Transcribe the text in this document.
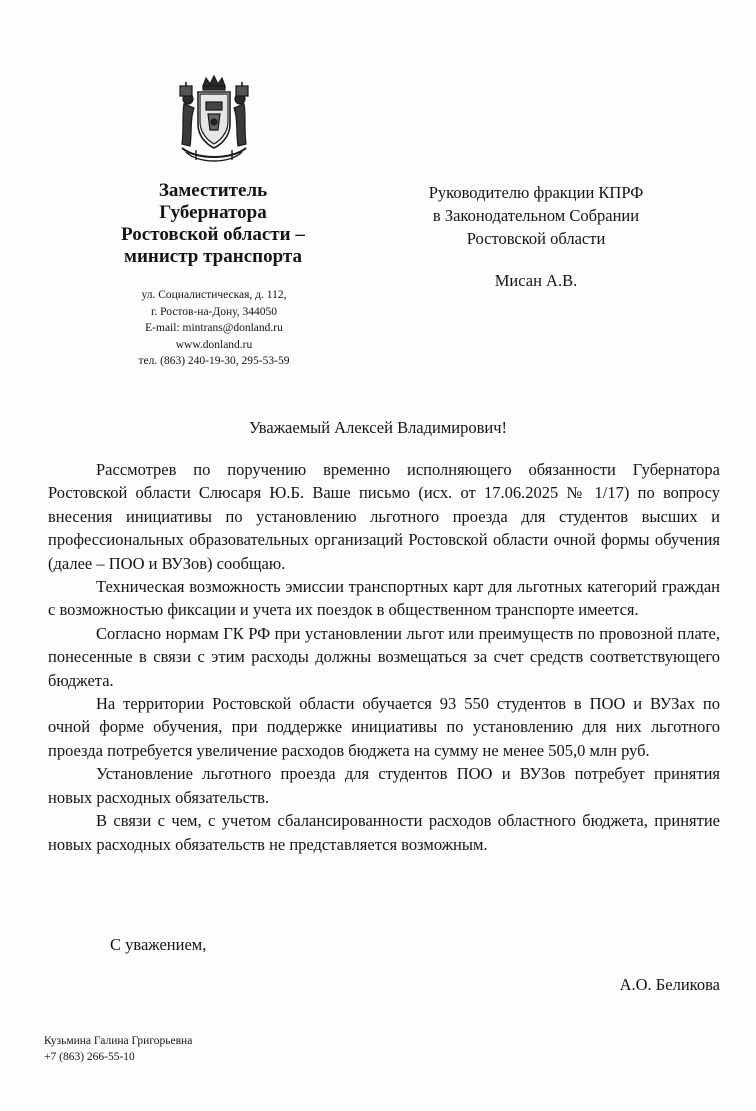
Заместитель
Губернатора
Ростовской области –
министр транспорта
ул. Социалистическая, д. 112,
г. Ростов-на-Дону, 344050
E-mail: mintrans@donland.ru
www.donland.ru
тел. (863) 240-19-30, 295-53-59
Руководителю фракции КПРФ
в Законодательном Собрании
Ростовской области
Мисан А.В.
Уважаемый Алексей Владимирович!

Рассмотрев по поручению временно исполняющего обязанности Губернатора Ростовской области Слюсаря Ю.Б. Ваше письмо (исх. от 17.06.2025 № 1/17) по вопросу внесения инициативы по установлению льготного проезда для студентов высших и профессиональных образовательных организаций Ростовской области очной формы обучения (далее – ПОО и ВУЗов) сообщаю.

Техническая возможность эмиссии транспортных карт для льготных категорий граждан с возможностью фиксации и учета их поездок в общественном транспорте имеется.

Согласно нормам ГК РФ при установлении льгот или преимуществ по провозной плате, понесенные в связи с этим расходы должны возмещаться за счет средств соответствующего бюджета.

На территории Ростовской области обучается 93 550 студентов в ПОО и ВУЗах по очной форме обучения, при поддержке инициативы по установлению для них льготного проезда потребуется увеличение расходов бюджета на сумму не менее 505,0 млн руб.

Установление льготного проезда для студентов ПОО и ВУЗов потребует принятия новых расходных обязательств.

В связи с чем, с учетом сбалансированности расходов областного бюджета, принятие новых расходных обязательств не представляется возможным.

С уважением,
А.О. Беликова
Кузьмина Галина Григорьевна
+7 (863) 266-55-10
